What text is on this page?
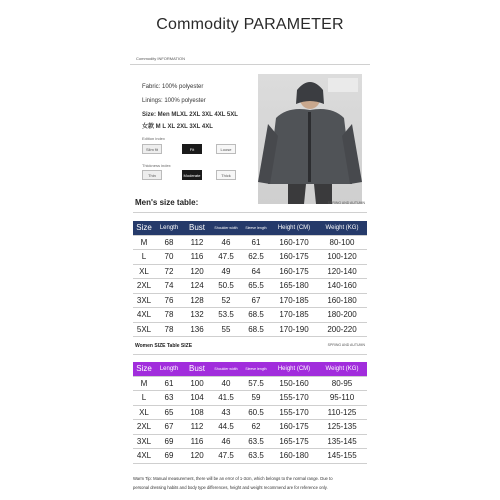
Commodity PARAMETER
Commodity INFORMATION
Fabric: 100% polyester
Linings: 100% polyester
Size: Men MLXL 2XL 3XL 4XL 5XL
女款 M L XL 2XL 3XL 4XL
Edition index
Slim fit	Fit	Loose
Thickness index
Thin	Moderate	Thick
Men's size table:	SPRING AND AUTUMN
Size	Length	Bust	Shoulder width	Sleeve length	Height (CM)	Weight (KG)
M	68	112	46	61	160-170	80-100
L	70	116	47.5	62.5	160-175	100-120
XL	72	120	49	64	160-175	120-140
2XL	74	124	50.5	65.5	165-180	140-160
3XL	76	128	52	67	170-185	160-180
4XL	78	132	53.5	68.5	170-185	180-200
5XL	78	136	55	68.5	170-190	200-220
Women SIZE Table SIZE	SPRING AND AUTUMN
Size	Length	Bust	Shoulder width	Sleeve length	Height (CM)	Weight (KG)
M	61	100	40	57.5	150-160	80-95
L	63	104	41.5	59	155-170	95-110
XL	65	108	43	60.5	155-170	110-125
2XL	67	112	44.5	62	160-175	125-135
3XL	69	116	46	63.5	165-175	135-145
4XL	69	120	47.5	63.5	160-180	145-155
Warm Tip: Manual measurement, there will be an error of 1-3cm, which belongs to the normal range. Due to
personal dressing habits and body type differences, height and weight recommend are for reference only.
